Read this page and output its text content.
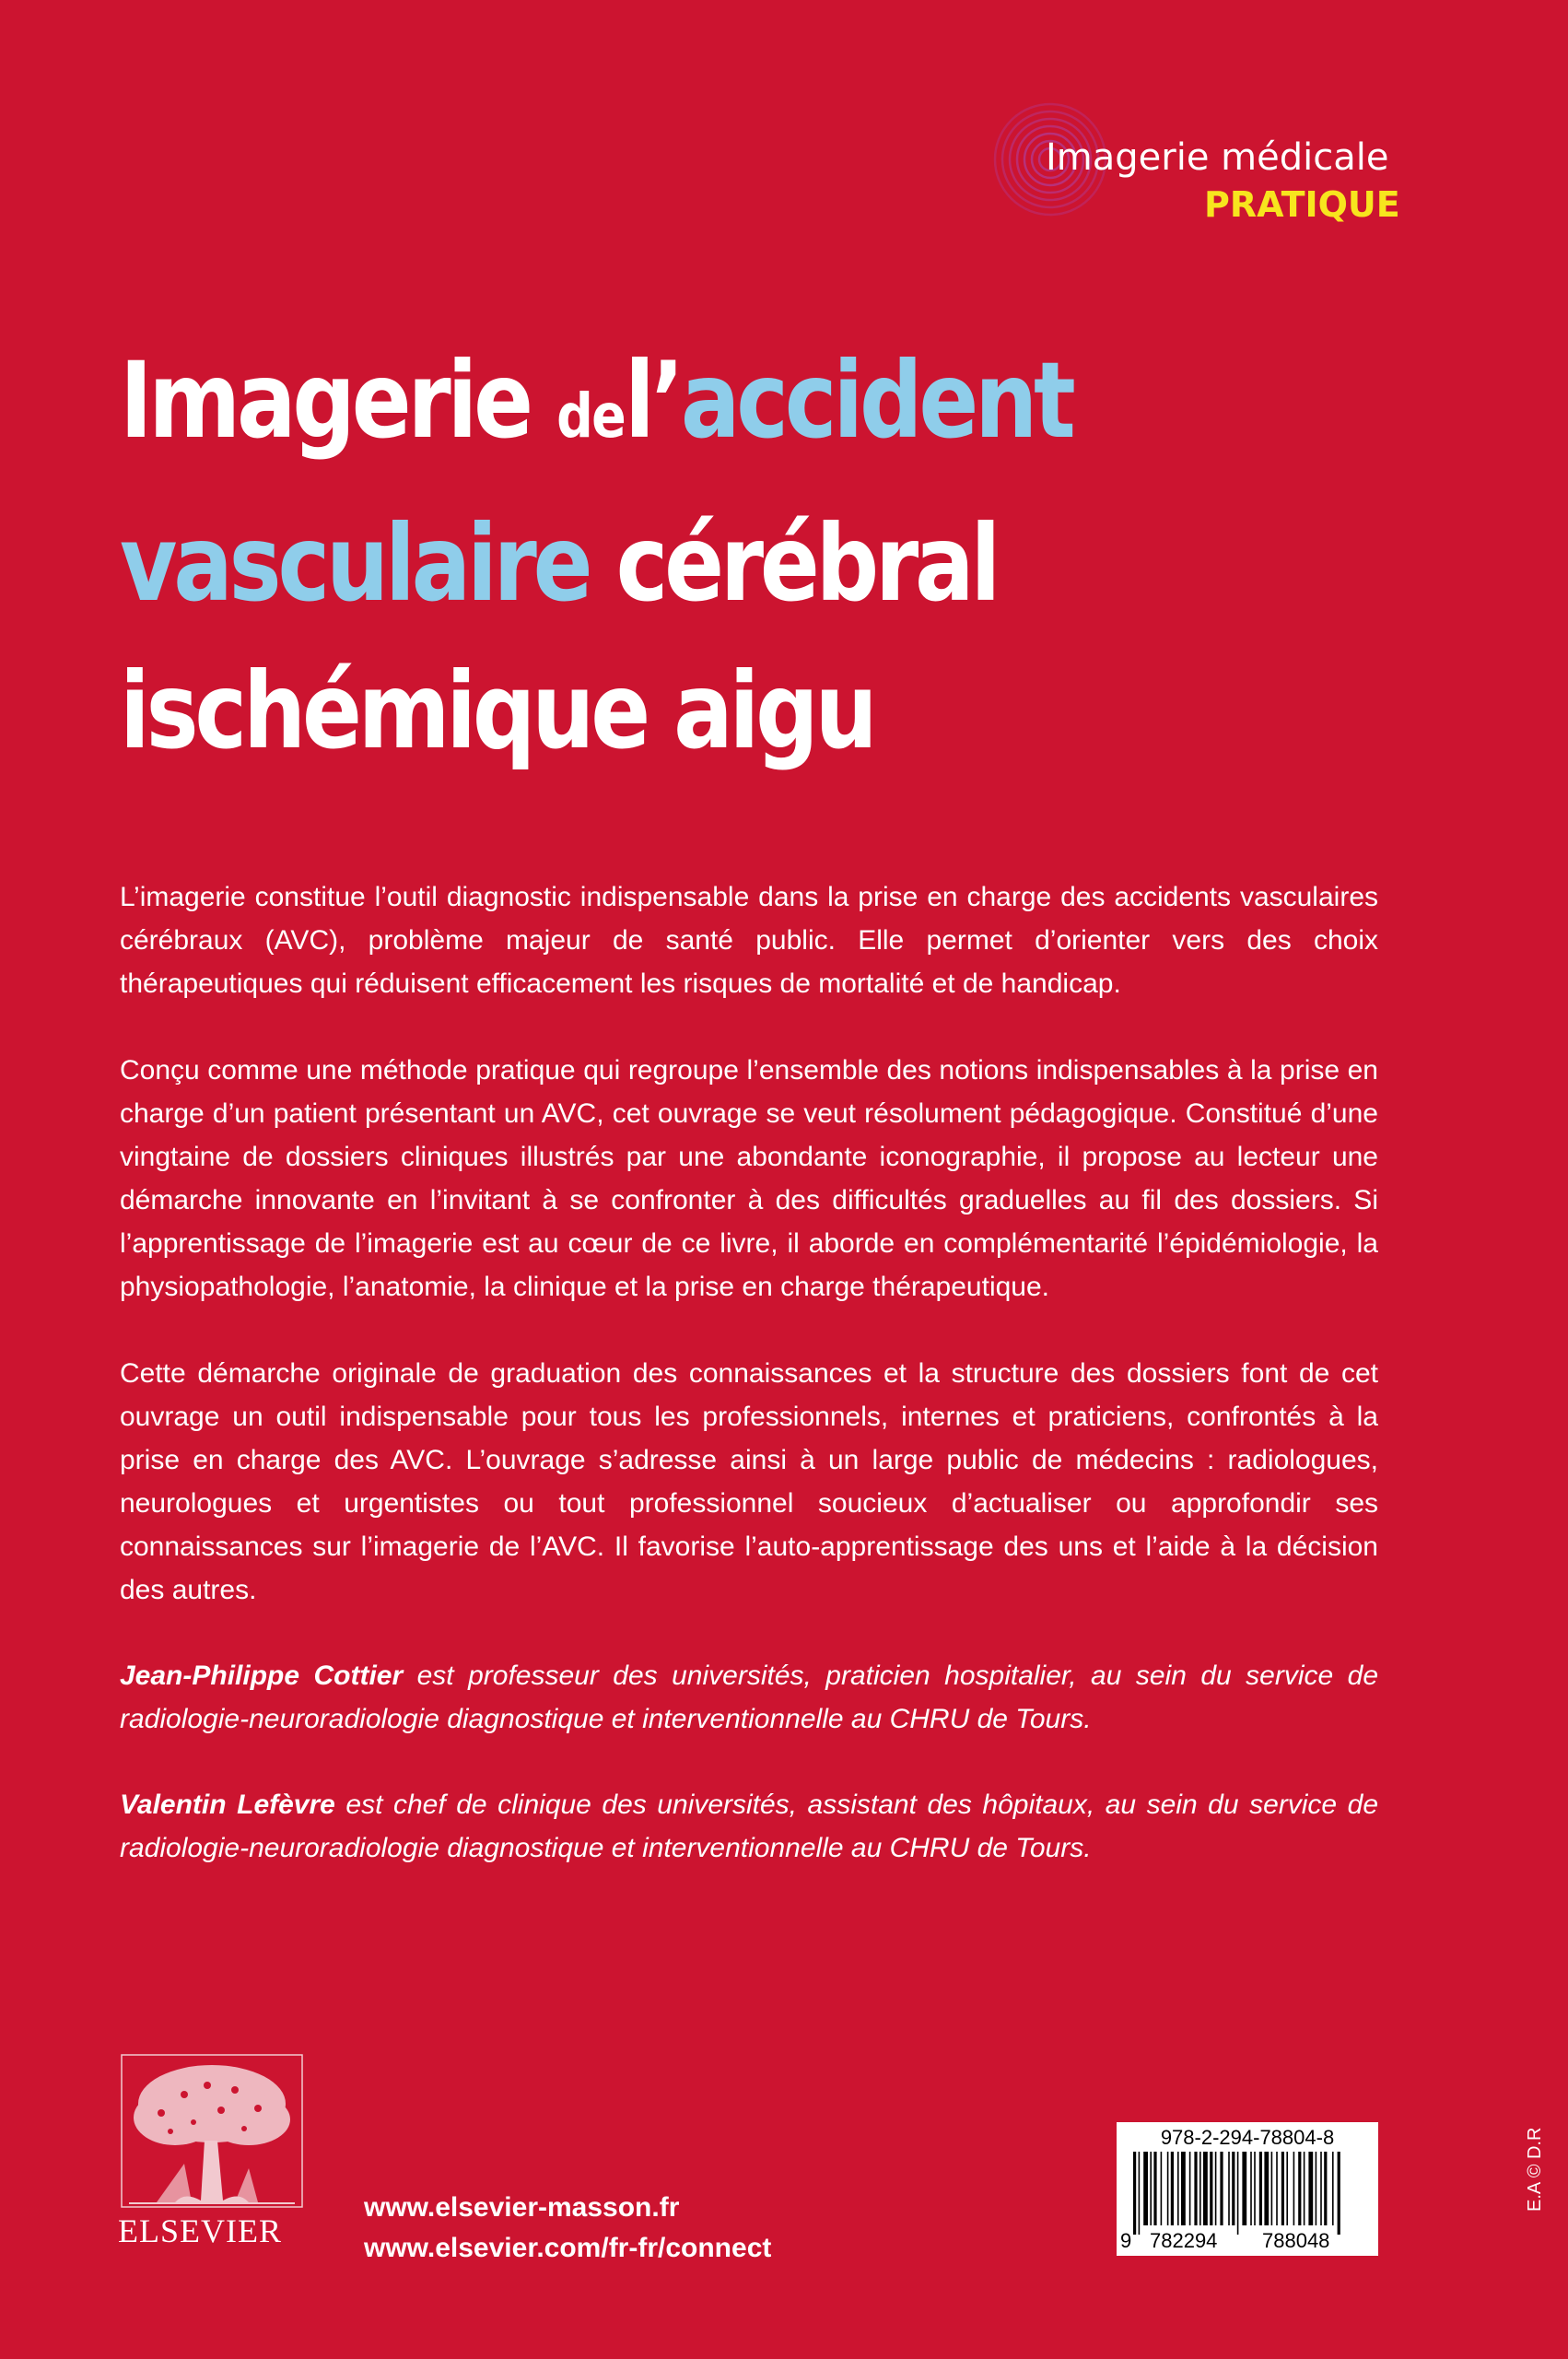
Imagerie médicale
PRATIQUE
Imagerie del’accident
vasculaire cérébral
ischémique aigu

L’imagerie constitue l’outil diagnostic indispensable dans la prise en charge des accidents vasculaires cérébraux (AVC), problème majeur de santé public. Elle permet d’orienter vers des choix thérapeutiques qui réduisent efficacement les risques de mortalité et de handicap.

Conçu comme une méthode pratique qui regroupe l’ensemble des notions indispensables à la prise en charge d’un patient présentant un AVC, cet ouvrage se veut résolument pédagogique. Constitué d’une vingtaine de dossiers cliniques illustrés par une abondante iconographie, il propose au lecteur une démarche innovante en l’invitant à se confronter à des difficultés graduelles au fil des dossiers. Si l’apprentissage de l’imagerie est au cœur de ce livre, il aborde en complémentarité l’épidémiologie, la physiopathologie, l’anatomie, la clinique et la prise en charge thérapeutique.

Cette démarche originale de graduation des connaissances et la structure des dossiers font de cet ouvrage un outil indispensable pour tous les professionnels, internes et praticiens, confrontés à la prise en charge des AVC. L’ouvrage s’adresse ainsi à un large public de médecins : radiologues, neurologues et urgentistes ou tout professionnel soucieux d’actualiser ou approfondir ses connaissances sur l’imagerie de l’AVC. Il favorise l’auto-apprentissage des uns et l’aide à la décision des autres.

Jean-Philippe Cottier est professeur des universités, praticien hospitalier, au sein du service de radiologie-neuroradiologie diagnostique et interventionnelle au CHRU de Tours.

Valentin Lefèvre est chef de clinique des universités, assistant des hôpitaux, au sein du service de radiologie-neuroradiologie diagnostique et interventionnelle au CHRU de Tours.

ELSEVIER
www.elsevier-masson.fr
www.elsevier.com/fr-fr/connect
978-2-294-78804-8
9 782294 788048
E.A © D.R
